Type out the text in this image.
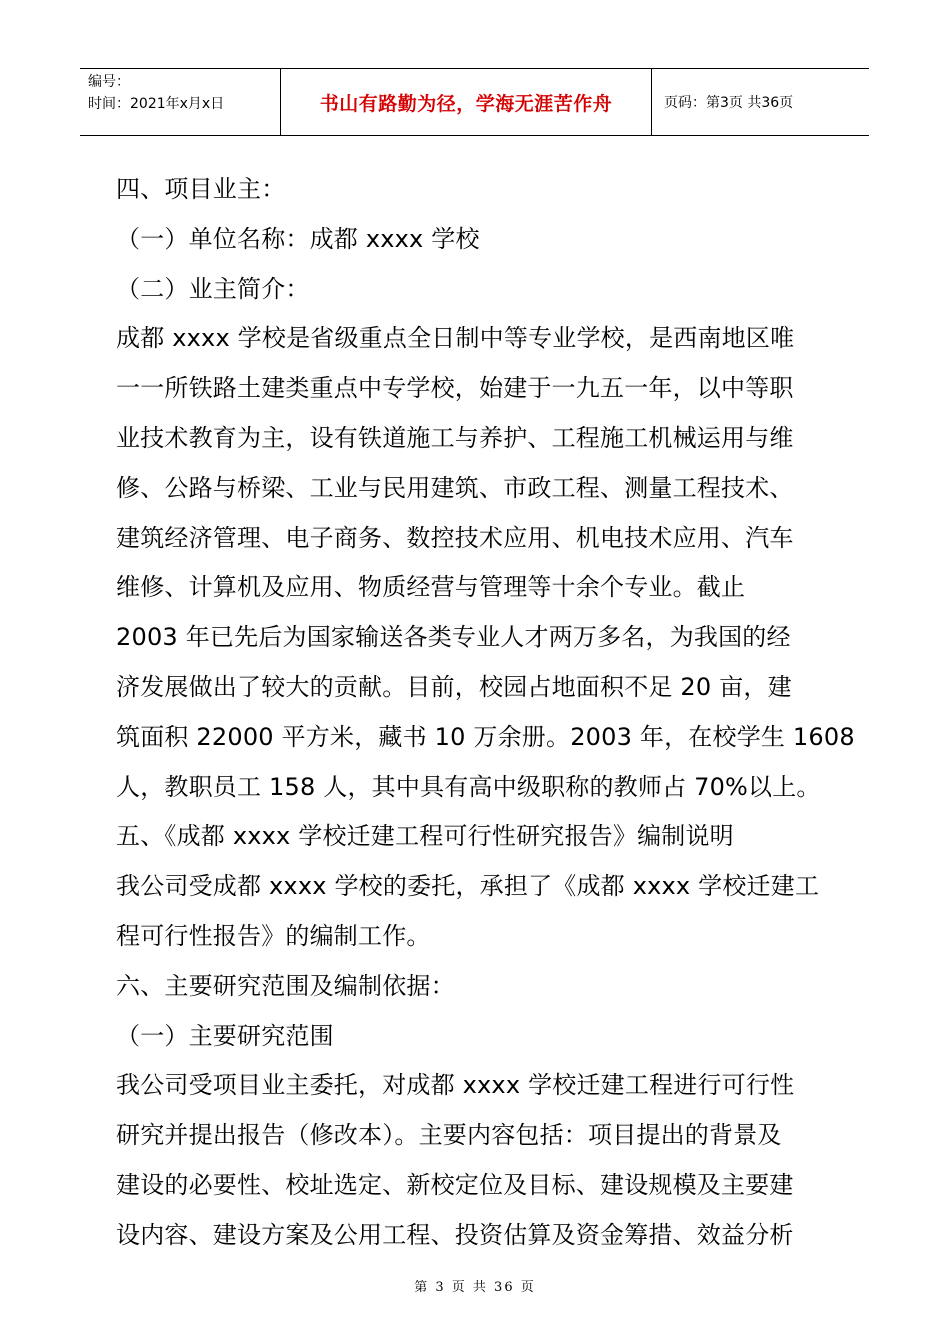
编号：
时间：2021年x月x日	书山有路勤为径，学海无涯苦作舟	页码：第3页 共36页

四、项目业主：

（一）单位名称：成都 xxxx 学校

（二）业主简介：

成都 xxxx 学校是省级重点全日制中等专业学校，是西南地区唯

一一所铁路土建类重点中专学校，始建于一九五一年，以中等职

业技术教育为主，设有铁道施工与养护、工程施工机械运用与维

修、公路与桥梁、工业与民用建筑、市政工程、测量工程技术、

建筑经济管理、电子商务、数控技术应用、机电技术应用、汽车

维修、计算机及应用、物质经营与管理等十余个专业。截止

2003 年已先后为国家输送各类专业人才两万多名，为我国的经

济发展做出了较大的贡献。目前，校园占地面积不足 20 亩，建

筑面积 22000 平方米，藏书 10 万余册。2003 年，在校学生 1608

人，教职员工 158 人，其中具有高中级职称的教师占 70%以上。

五、《成都 xxxx 学校迁建工程可行性研究报告》编制说明

我公司受成都 xxxx 学校的委托，承担了《成都 xxxx 学校迁建工

程可行性报告》的编制工作。

六、主要研究范围及编制依据：

（一）主要研究范围

我公司受项目业主委托，对成都 xxxx 学校迁建工程进行可行性

研究并提出报告（修改本）。主要内容包括：项目提出的背景及

建设的必要性、校址选定、新校定位及目标、建设规模及主要建

设内容、建设方案及公用工程、投资估算及资金筹措、效益分析

第 3 页 共 36 页
